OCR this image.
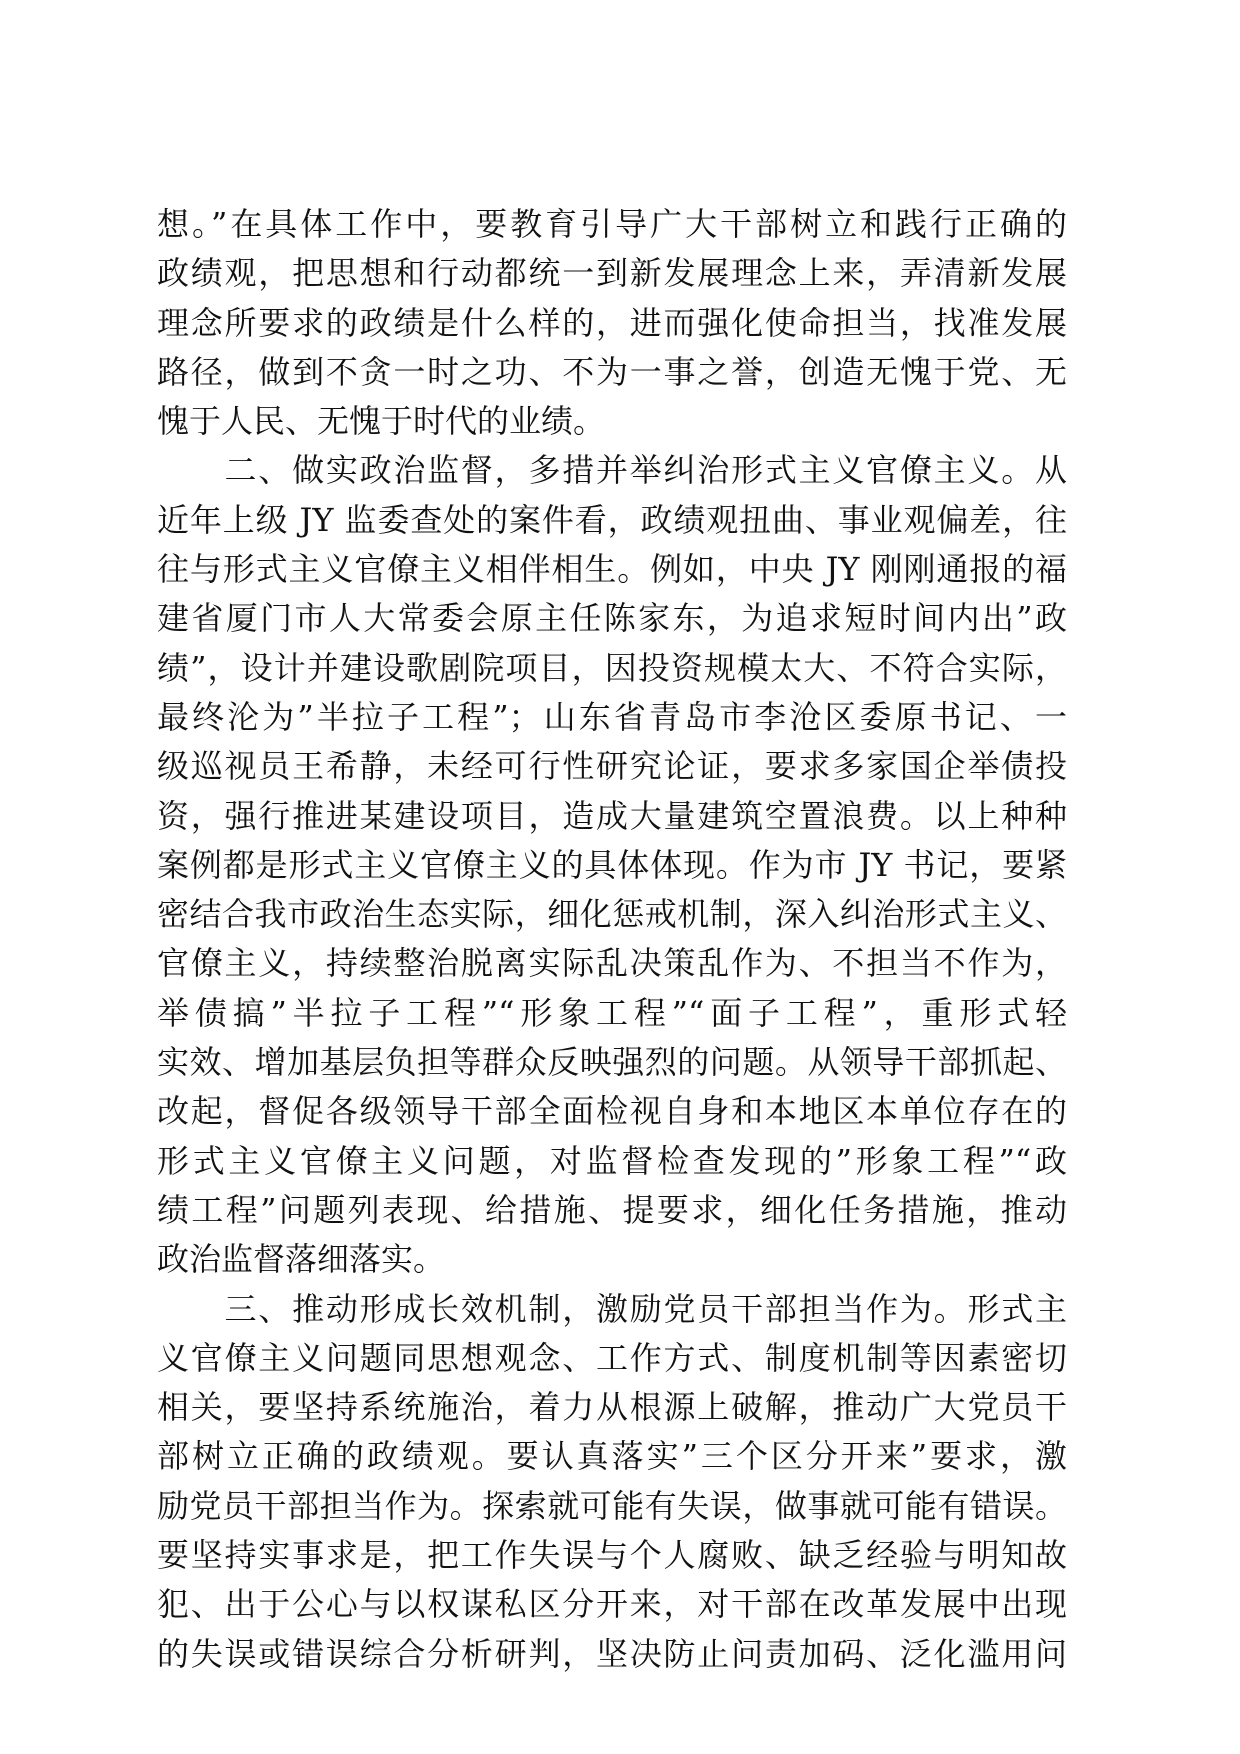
想。”在具体工作中，要教育引导广大干部树立和践行正确的
政绩观，把思想和行动都统一到新发展理念上来，弄清新发展
理念所要求的政绩是什么样的，进而强化使命担当，找准发展
路径，做到不贪一时之功、不为一事之誉，创造无愧于党、无
愧于人民、无愧于时代的业绩。
　　二、做实政治监督，多措并举纠治形式主义官僚主义。从
近年上级 JY 监委查处的案件看，政绩观扭曲、事业观偏差，往
往与形式主义官僚主义相伴相生。例如，中央 JY 刚刚通报的福
建省厦门市人大常委会原主任陈家东，为追求短时间内出”政
绩”，设计并建设歌剧院项目，因投资规模太大、不符合实际，
最终沦为”半拉子工程”；山东省青岛市李沧区委原书记、一
级巡视员王希静，未经可行性研究论证，要求多家国企举债投
资，强行推进某建设项目，造成大量建筑空置浪费。以上种种
案例都是形式主义官僚主义的具体体现。作为市 JY 书记，要紧
密结合我市政治生态实际，细化惩戒机制，深入纠治形式主义、
官僚主义，持续整治脱离实际乱决策乱作为、不担当不作为，
举债搞”半拉子工程”“形象工程”“面子工程”，重形式轻
实效、增加基层负担等群众反映强烈的问题。从领导干部抓起、
改起，督促各级领导干部全面检视自身和本地区本单位存在的
形式主义官僚主义问题，对监督检查发现的”形象工程”“政
绩工程”问题列表现、给措施、提要求，细化任务措施，推动
政治监督落细落实。
　　三、推动形成长效机制，激励党员干部担当作为。形式主
义官僚主义问题同思想观念、工作方式、制度机制等因素密切
相关，要坚持系统施治，着力从根源上破解，推动广大党员干
部树立正确的政绩观。要认真落实”三个区分开来”要求，激
励党员干部担当作为。探索就可能有失误，做事就可能有错误。
要坚持实事求是，把工作失误与个人腐败、缺乏经验与明知故
犯、出于公心与以权谋私区分开来，对干部在改革发展中出现
的失误或错误综合分析研判，坚决防止问责加码、泛化滥用问
